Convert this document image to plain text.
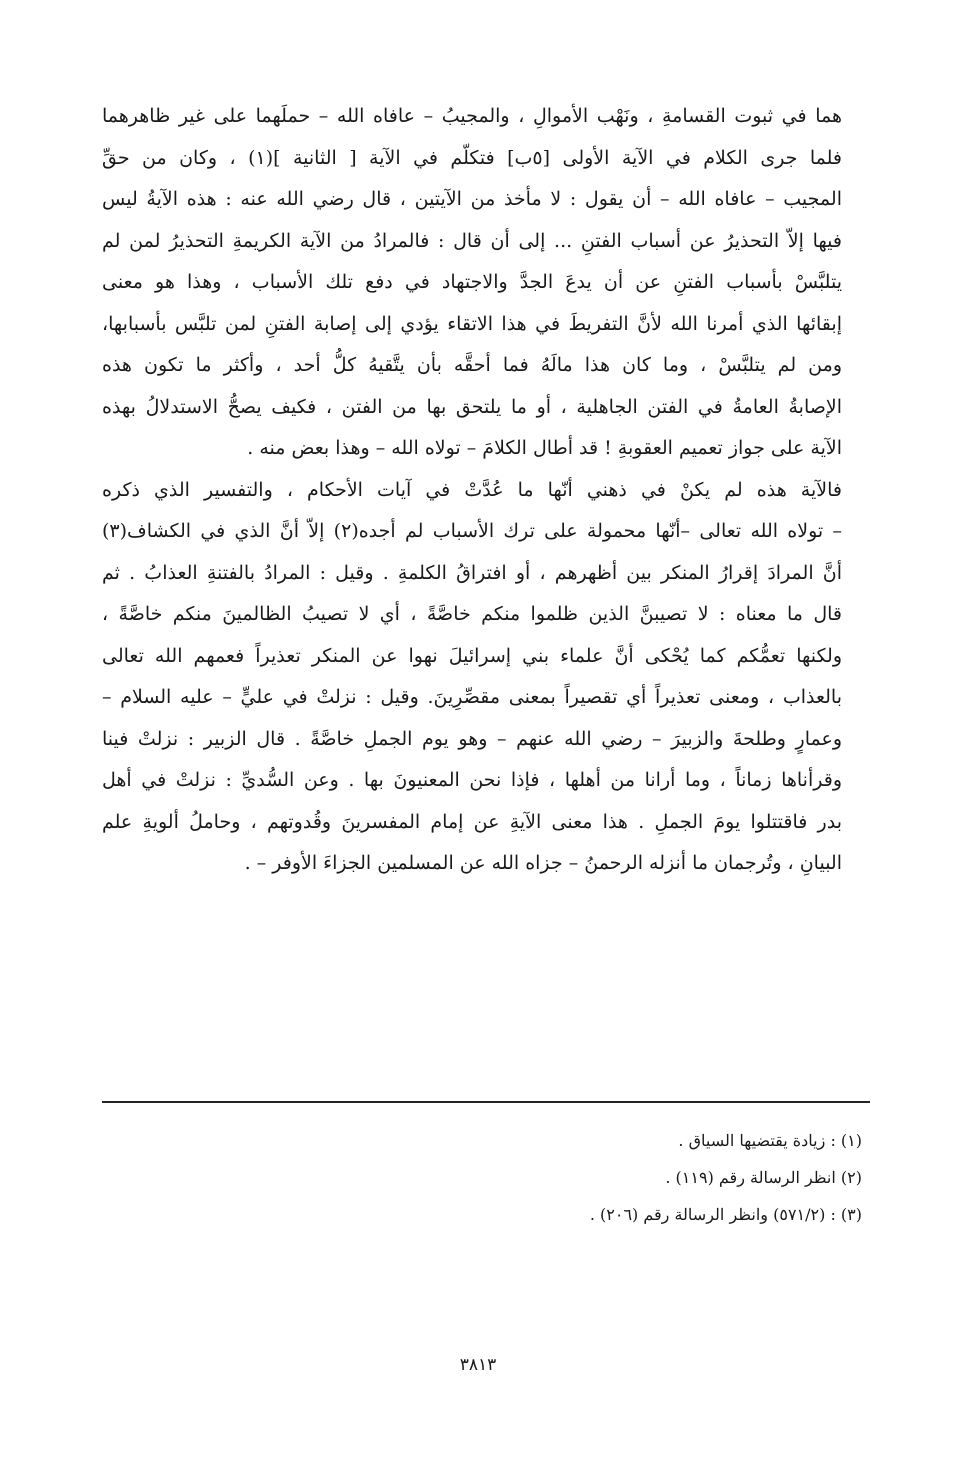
هما في ثبوت القسامةِ ، ونَهْب الأموالِ ، والمجيبُ – عافاه الله – حملَهما على غير ظاهرهما
فلما جرى الكلام في الآية الأولى [٥ب] فتكلّم في الآية [ الثانية ](١) ، وكان من حقِّ
المجيب – عافاه الله – أن يقول : لا مأخذ من الآيتين ، قال رضي الله عنه : هذه الآيةُ ليس
فيها إلاّ التحذيرُ عن أسباب الفتنِ ... إلى أن قال : فالمرادُ من الآية الكريمةِ التحذيرُ لمن لم
يتلبَّسْ بأسباب الفتنِ عن أن يدعَ الجدَّ والاجتهاد في دفع تلك الأسباب ، وهذا هو معنى
إبقائها الذي أمرنا الله لأنَّ التفريطَ في هذا الاتقاء يؤدي إلى إصابة الفتنِ لمن تلبَّس بأسبابها،
ومن لم يتلبَّسْ ، وما كان هذا مالَهُ فما أحقَّه بأن يتَّقيهُ كلُّ أحد ، وأكثر ما تكون هذه
الإصابةُ العامةُ في الفتن الجاهلية ، أو ما يلتحق بها من الفتن ، فكيف يصحُّ الاستدلالُ بهذه
الآية على جواز تعميم العقوبةِ ! قد أطال الكلامَ – تولاه الله – وهذا بعض منه .
فالآية هذه لم يكنْ في ذهني أنّها ما عُدَّتْ في آيات الأحكام ، والتفسير الذي ذكره
– تولاه الله تعالى –أنّها محمولة على ترك الأسباب لم أجده(٢) إلاّ أنَّ الذي في الكشاف(٣)
أنَّ المرادَ إقرارُ المنكر بين أظهرهم ، أو افتراقُ الكلمةِ . وقيل : المرادُ بالفتنةِ العذابُ . ثم
قال ما معناه : لا تصيبنَّ الذين ظلموا منكم خاصَّةً ، أي لا تصيبُ الظالمينَ منكم خاصَّةً ،
ولكنها تعمُّكم كما يُحْكى أنَّ علماء بني إسرائيلَ نهوا عن المنكر تعذيراً فعمهم الله تعالى
بالعذاب ، ومعنى تعذيراً أي تقصيراً بمعنى مقصِّرِينَ. وقيل : نزلتْ في عليٍّ – عليه السلام –
وعمارٍ وطلحةَ والزبيرَ – رضي الله عنهم – وهو يوم الجملِ خاصَّةً . قال الزبير : نزلتْ فينا
وقرأناها زماناً ، وما أرانا من أهلها ، فإذا نحن المعنيونَ بها . وعن السُّديِّ : نزلتْ في أهل
بدر فاقتتلوا يومَ الجملِ . هذا معنى الآيةِ عن إمام المفسرينَ وقُدوتهم ، وحاملُ ألويةِ علم
البيانِ ، وتُرجمان ما أنزله الرحمنُ – جزاه الله عن المسلمين الجزاءَ الأوفر – .
(١) : زيادة يقتضيها السياق .
(٢) انظر الرسالة رقم (١١٩) .
(٣) : (٥٧١/٢) وانظر الرسالة رقم (٢٠٦) .
٣٨١٣
